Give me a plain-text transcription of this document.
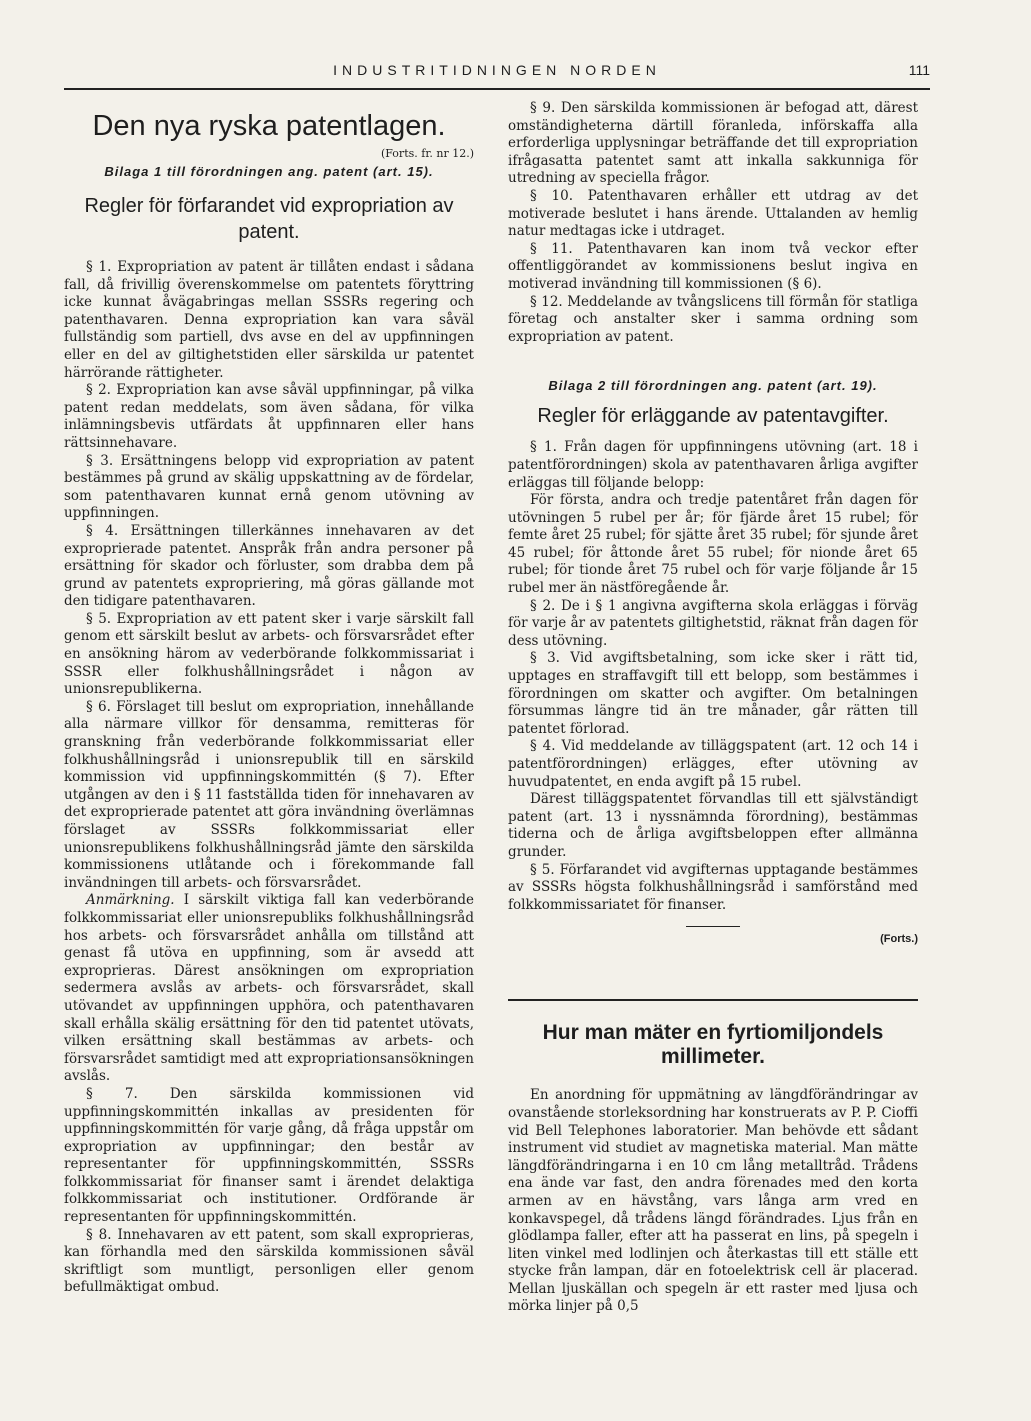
INDUSTRITIDNINGEN NORDEN	111
Den nya ryska patentlagen.
(Forts. fr. nr 12.)
Bilaga 1 till förordningen ang. patent (art. 15).
Regler för förfarandet vid expropriation av patent.

§ 1. Expropriation av patent är tillåten endast i sådana fall, då frivillig överenskommelse om patentets föryttring icke kunnat åvägabringas mellan SSSRs regering och patenthavaren. Denna expropriation kan vara såväl fullständig som partiell, dvs avse en del av uppfinningen eller en del av giltighetstiden eller särskilda ur patentet härrörande rättigheter.

§ 2. Expropriation kan avse såväl uppfinningar, på vilka patent redan meddelats, som även sådana, för vilka inlämningsbevis utfärdats åt uppfinnaren eller hans rättsinnehavare.

§ 3. Ersättningens belopp vid expropriation av patent bestämmes på grund av skälig uppskattning av de fördelar, som patenthavaren kunnat ernå genom utövning av uppfinningen.

§ 4. Ersättningen tillerkännes innehavaren av det exproprierade patentet. Anspråk från andra personer på ersättning för skador och förluster, som drabba dem på grund av patentets expropriering, må göras gällande mot den tidigare patenthavaren.

§ 5. Expropriation av ett patent sker i varje särskilt fall genom ett särskilt beslut av arbets- och försvarsrådet efter en ansökning härom av vederbörande folkkommissariat i SSSR eller folkhushållningsrådet i någon av unionsrepublikerna.

§ 6. Förslaget till beslut om expropriation, innehållande alla närmare villkor för densamma, remitteras för granskning från vederbörande folkkommissariat eller folkhushållningsråd i unionsrepublik till en särskild kommission vid uppfinningskommittén (§ 7). Efter utgången av den i § 11 fastställda tiden för innehavaren av det exproprierade patentet att göra invändning överlämnas förslaget av SSSRs folkkommissariat eller unionsrepublikens folkhushållningsråd jämte den särskilda kommissionens utlåtande och i förekommande fall invändningen till arbets- och försvarsrådet.

Anmärkning. I särskilt viktiga fall kan vederbörande folkkommissariat eller unionsrepubliks folkhushållningsråd hos arbets- och försvarsrådet anhålla om tillstånd att genast få utöva en uppfinning, som är avsedd att exproprieras. Därest ansökningen om expropriation sedermera avslås av arbets- och försvarsrådet, skall utövandet av uppfinningen upphöra, och patenthavaren skall erhålla skälig ersättning för den tid patentet utövats, vilken ersättning skall bestämmas av arbets- och försvarsrådet samtidigt med att expropriationsansökningen avslås.

§ 7. Den särskilda kommissionen vid uppfinningskommittén inkallas av presidenten för uppfinningskommittén för varje gång, då fråga uppstår om expropriation av uppfinningar; den består av representanter för uppfinningskommittén, SSSRs folkkommissariat för finanser samt i ärendet delaktiga folkkommissariat och institutioner. Ordförande är representanten för uppfinningskommittén.

§ 8. Innehavaren av ett patent, som skall exproprieras, kan förhandla med den särskilda kommissionen såväl skriftligt som muntligt, personligen eller genom befullmäktigat ombud.

§ 9. Den särskilda kommissionen är befogad att, därest omständigheterna därtill föranleda, införskaffa alla erforderliga upplysningar beträffande det till expropriation ifrågasatta patentet samt att inkalla sakkunniga för utredning av speciella frågor.

§ 10. Patenthavaren erhåller ett utdrag av det motiverade beslutet i hans ärende. Uttalanden av hemlig natur medtagas icke i utdraget.

§ 11. Patenthavaren kan inom två veckor efter offentliggörandet av kommissionens beslut ingiva en motiverad invändning till kommissionen (§ 6).

§ 12. Meddelande av tvångslicens till förmån för statliga företag och anstalter sker i samma ordning som expropriation av patent.

Bilaga 2 till förordningen ang. patent (art. 19).
Regler för erläggande av patentavgifter.

§ 1. Från dagen för uppfinningens utövning (art. 18 i patentförordningen) skola av patenthavaren årliga avgifter erläggas till följande belopp:

För första, andra och tredje patentåret från dagen för utövningen 5 rubel per år; för fjärde året 15 rubel; för femte året 25 rubel; för sjätte året 35 rubel; för sjunde året 45 rubel; för åttonde året 55 rubel; för nionde året 65 rubel; för tionde året 75 rubel och för varje följande år 15 rubel mer än nästföregående år.

§ 2. De i § 1 angivna avgifterna skola erläggas i förväg för varje år av patentets giltighetstid, räknat från dagen för dess utövning.

§ 3. Vid avgiftsbetalning, som icke sker i rätt tid, upptages en straffavgift till ett belopp, som bestämmes i förordningen om skatter och avgifter. Om betalningen försummas längre tid än tre månader, går rätten till patentet förlorad.

§ 4. Vid meddelande av tilläggspatent (art. 12 och 14 i patentförordningen) erlägges, efter utövning av huvudpatentet, en enda avgift på 15 rubel.

Därest tilläggspatentet förvandlas till ett självständigt patent (art. 13 i nyssnämnda förordning), bestämmas tiderna och de årliga avgiftsbeloppen efter allmänna grunder.

§ 5. Förfarandet vid avgifternas upptagande bestämmes av SSSRs högsta folkhushållningsråd i samförstånd med folkkommissariatet för finanser.

(Forts.)
Hur man mäter en fyrtiomiljondels millimeter.

En anordning för uppmätning av längdförändringar av ovanstående storleksordning har konstruerats av P. P. Cioffi vid Bell Telephones laboratorier. Man behövde ett sådant instrument vid studiet av magnetiska material. Man mätte längdförändringarna i en 10 cm lång metalltråd. Trådens ena ände var fast, den andra förenades med den korta armen av en hävstång, vars långa arm vred en konkavspegel, då trådens längd förändrades. Ljus från en glödlampa faller, efter att ha passerat en lins, på spegeln i liten vinkel med lodlinjen och återkastas till ett ställe ett stycke från lampan, där en fotoelektrisk cell är placerad. Mellan ljuskällan och spegeln är ett raster med ljusa och mörka linjer på 0,5
